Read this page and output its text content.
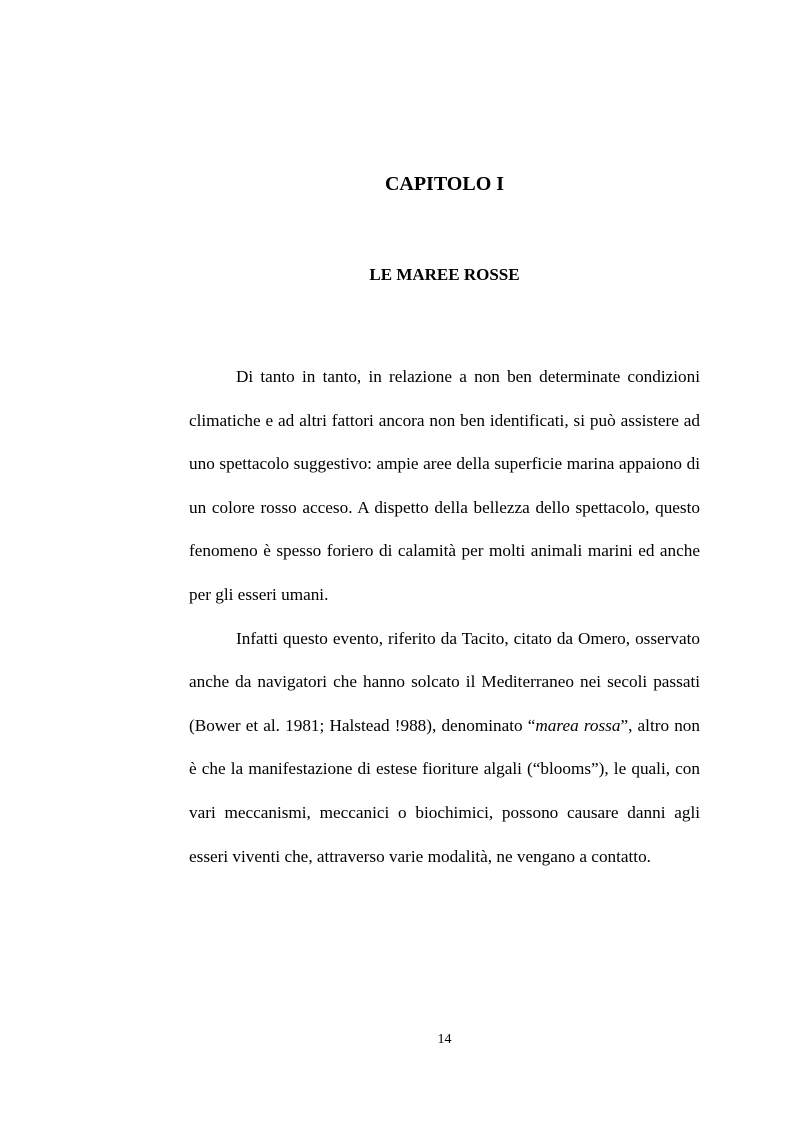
CAPITOLO I
LE MAREE ROSSE

Di tanto in tanto, in relazione a non ben determinate condizioni climatiche e ad altri fattori ancora non ben identificati, si può assistere ad uno spettacolo suggestivo: ampie aree della superficie marina appaiono di un colore rosso acceso. A dispetto della bellezza dello spettacolo, questo fenomeno è spesso foriero di calamità per molti animali marini ed anche per gli esseri umani.

Infatti questo evento, riferito da Tacito, citato da Omero, osservato anche da navigatori che hanno solcato il Mediterraneo nei secoli passati (Bower et al. 1981; Halstead !988), denominato “marea rossa”, altro non è che la manifestazione di estese fioriture algali (“blooms”), le quali, con vari meccanismi, meccanici o biochimici, possono causare danni agli esseri viventi che, attraverso varie modalità, ne vengano a contatto.

14
